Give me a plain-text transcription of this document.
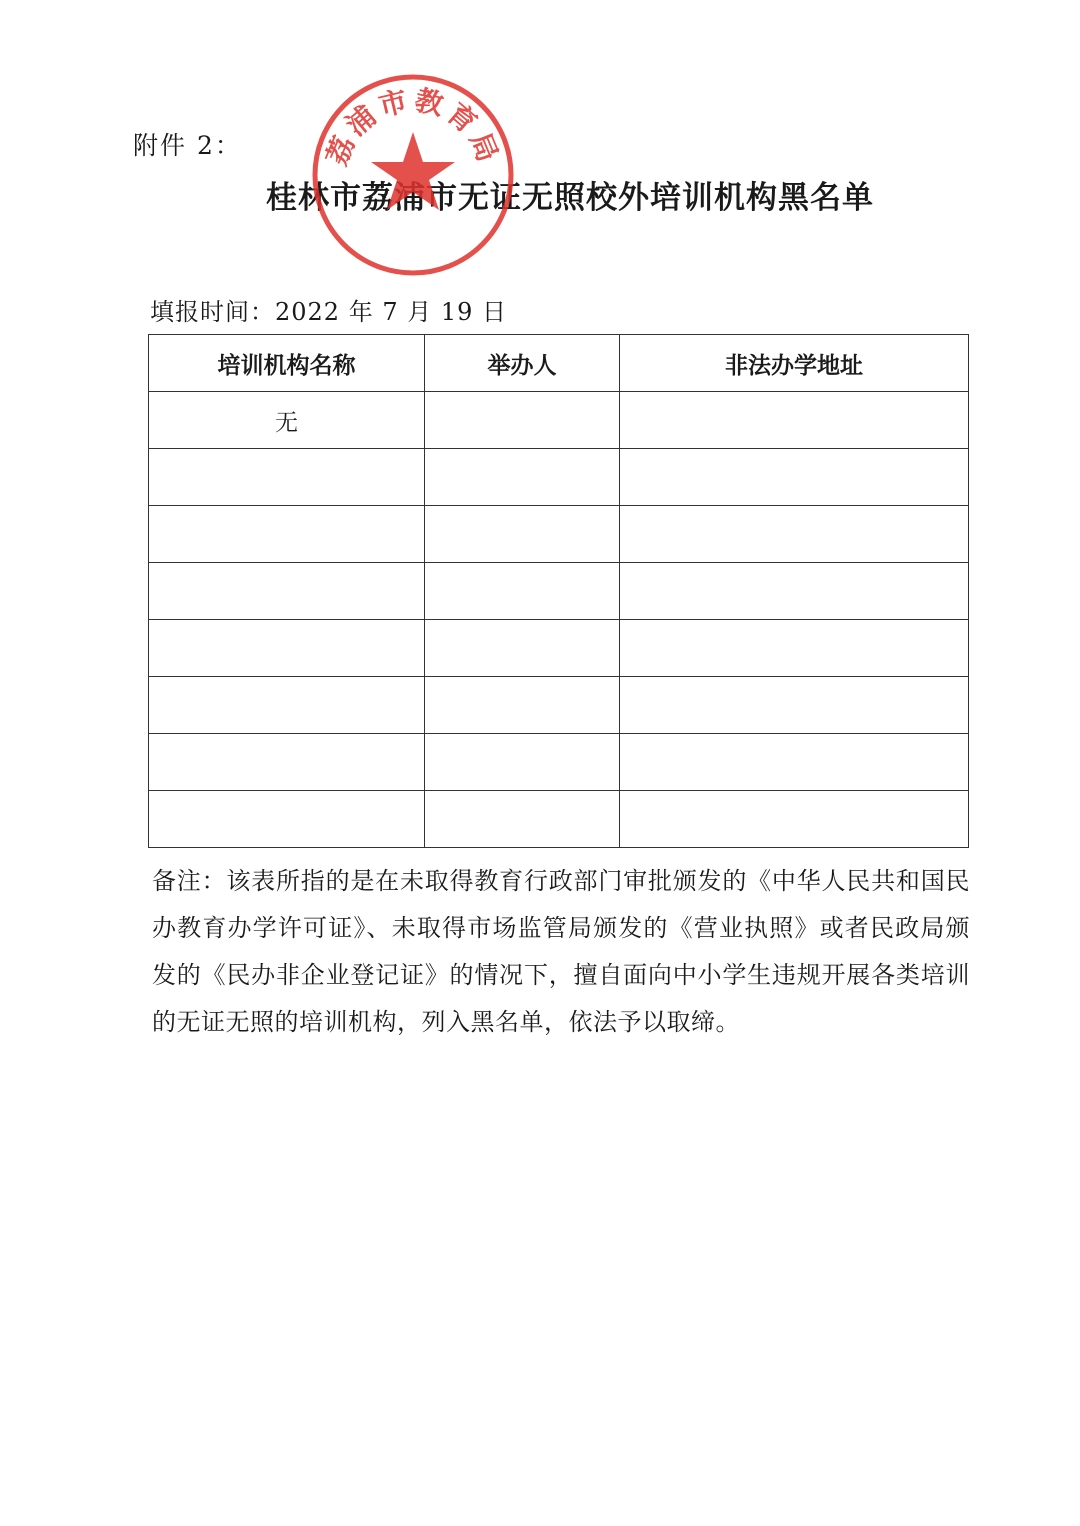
附件 2：
桂林市荔浦市无证无照校外培训机构黑名单
荔浦市教育局
填报时间：2022 年 7 月 19 日
培训机构名称	举办人	非法办学地址
无		

备注：该表所指的是在未取得教育行政部门审批颁发的《中华人民共和国民办教育办学许可证》、未取得市场监管局颁发的《营业执照》或者民政局颁发的《民办非企业登记证》的情况下，擅自面向中小学生违规开展各类培训的无证无照的培训机构，列入黑名单，依法予以取缔。
